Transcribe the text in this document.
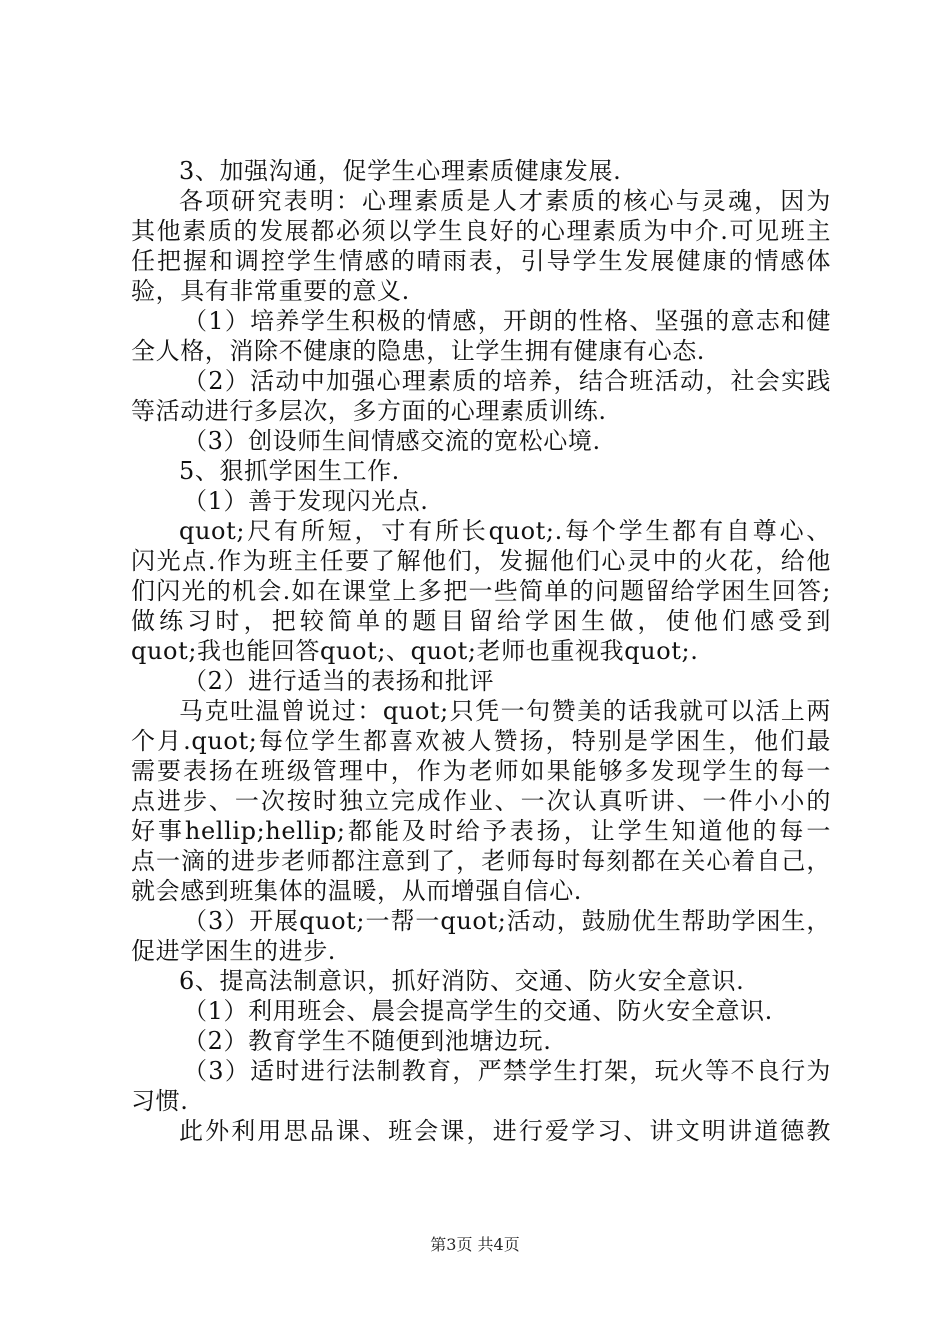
3、加强沟通，促学生心理素质健康发展.

各项研究表明：心理素质是人才素质的核心与灵魂，因为

其他素质的发展都必须以学生良好的心理素质为中介.可见班主

任把握和调控学生情感的晴雨表，引导学生发展健康的情感体

验，具有非常重要的意义.

（1）培养学生积极的情感，开朗的性格、坚强的意志和健

全人格，消除不健康的隐患，让学生拥有健康有心态.

（2）活动中加强心理素质的培养，结合班活动，社会实践

等活动进行多层次，多方面的心理素质训练.

（3）创设师生间情感交流的宽松心境.

5、狠抓学困生工作.

（1）善于发现闪光点.

quot;尺有所短，寸有所长quot;.每个学生都有自尊心、

闪光点.作为班主任要了解他们，发掘他们心灵中的火花，给他

们闪光的机会.如在课堂上多把一些简单的问题留给学困生回答;

做练习时，把较简单的题目留给学困生做，使他们感受到

quot;我也能回答quot;、quot;老师也重视我quot;.

（2）进行适当的表扬和批评

马克吐温曾说过：quot;只凭一句赞美的话我就可以活上两

个月.quot;每位学生都喜欢被人赞扬，特别是学困生，他们最

需要表扬在班级管理中，作为老师如果能够多发现学生的每一

点进步、一次按时独立完成作业、一次认真听讲、一件小小的

好事hellip;hellip;都能及时给予表扬，让学生知道他的每一

点一滴的进步老师都注意到了，老师每时每刻都在关心着自己，

就会感到班集体的温暖，从而增强自信心.

（3）开展quot;一帮一quot;活动，鼓励优生帮助学困生，

促进学困生的进步.

6、提高法制意识，抓好消防、交通、防火安全意识.

（1）利用班会、晨会提高学生的交通、防火安全意识.

（2）教育学生不随便到池塘边玩.

（3）适时进行法制教育，严禁学生打架，玩火等不良行为

习惯.

此外利用思品课、班会课，进行爱学习、讲文明讲道德教

第3页 共4页
